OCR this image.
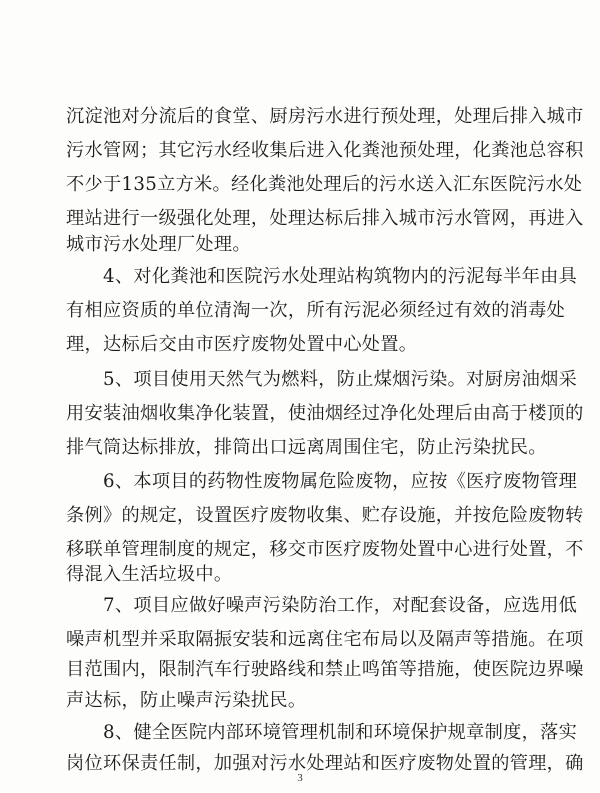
沉淀池对分流后的食堂、厨房污水进行预处理，处理后排入城市
污水管网；其它污水经收集后进入化粪池预处理，化粪池总容积
不少于135立方米。经化粪池处理后的污水送入汇东医院污水处
理站进行一级强化处理，处理达标后排入城市污水管网，再进入
城市污水处理厂处理。
4、对化粪池和医院污水处理站构筑物内的污泥每半年由具
有相应资质的单位清淘一次，所有污泥必须经过有效的消毒处
理，达标后交由市医疗废物处置中心处置。
5、项目使用天然气为燃料，防止煤烟污染。对厨房油烟采
用安装油烟收集净化装置，使油烟经过净化处理后由高于楼顶的
排气筒达标排放，排筒出口远离周围住宅，防止污染扰民。
6、本项目的药物性废物属危险废物，应按《医疗废物管理
条例》的规定，设置医疗废物收集、贮存设施，并按危险废物转
移联单管理制度的规定，移交市医疗废物处置中心进行处置，不
得混入生活垃圾中。
7、项目应做好噪声污染防治工作，对配套设备，应选用低
噪声机型并采取隔振安装和远离住宅布局以及隔声等措施。在项
目范围内，限制汽车行驶路线和禁止鸣笛等措施，使医院边界噪
声达标，防止噪声污染扰民。
8、健全医院内部环境管理机制和环境保护规章制度，落实
岗位环保责任制，加强对污水处理站和医疗废物处置的管理，确
3
